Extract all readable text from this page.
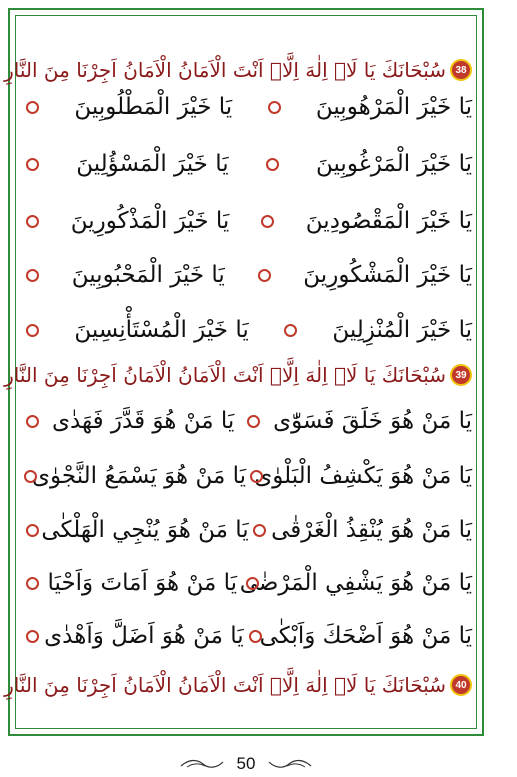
38
سُبْحَانَكَ يَا لَاۤ اِلٰهَ اِلَّاۤ اَنْتَ الْاَمَانُ الْاَمَانُ اَجِرْنَا مِنَ النَّارِ
يَا خَيْرَ الْمَرْهُوبِينَ
يَا خَيْرَ الْمَطْلُوبِينَ
يَا خَيْرَ الْمَرْغُوبِينَ
يَا خَيْرَ الْمَسْؤُلِينَ
يَا خَيْرَ الْمَقْصُودِينَ
يَا خَيْرَ الْمَذْكُورِينَ
يَا خَيْرَ الْمَشْكُورِينَ
يَا خَيْرَ الْمَحْبُوبِينَ
يَا خَيْرَ الْمُنْزِلِينَ
يَا خَيْرَ الْمُسْتَأْنِسِينَ
39
سُبْحَانَكَ يَا لَاۤ اِلٰهَ اِلَّاۤ اَنْتَ الْاَمَانُ الْاَمَانُ اَجِرْنَا مِنَ النَّارِ
يَا مَنْ هُوَ خَلَقَ فَسَوّٰى
يَا مَنْ هُوَ قَدَّرَ فَهَدٰى
يَا مَنْ هُوَ يَكْشِفُ الْبَلْوٰى
يَا مَنْ هُوَ يَسْمَعُ النَّجْوٰى
يَا مَنْ هُوَ يُنْقِذُ الْغَرْقٰى
يَا مَنْ هُوَ يُنْجِي الْهَلْكٰى
يَا مَنْ هُوَ يَشْفِي الْمَرْضٰى
يَا مَنْ هُوَ اَمَاتَ وَاَحْيَا
يَا مَنْ هُوَ اَضْحَكَ وَاَبْكٰى
يَا مَنْ هُوَ اَضَلَّ وَاَهْدٰى
40
سُبْحَانَكَ يَا لَاۤ اِلٰهَ اِلَّاۤ اَنْتَ الْاَمَانُ الْاَمَانُ اَجِرْنَا مِنَ النَّارِ
50
